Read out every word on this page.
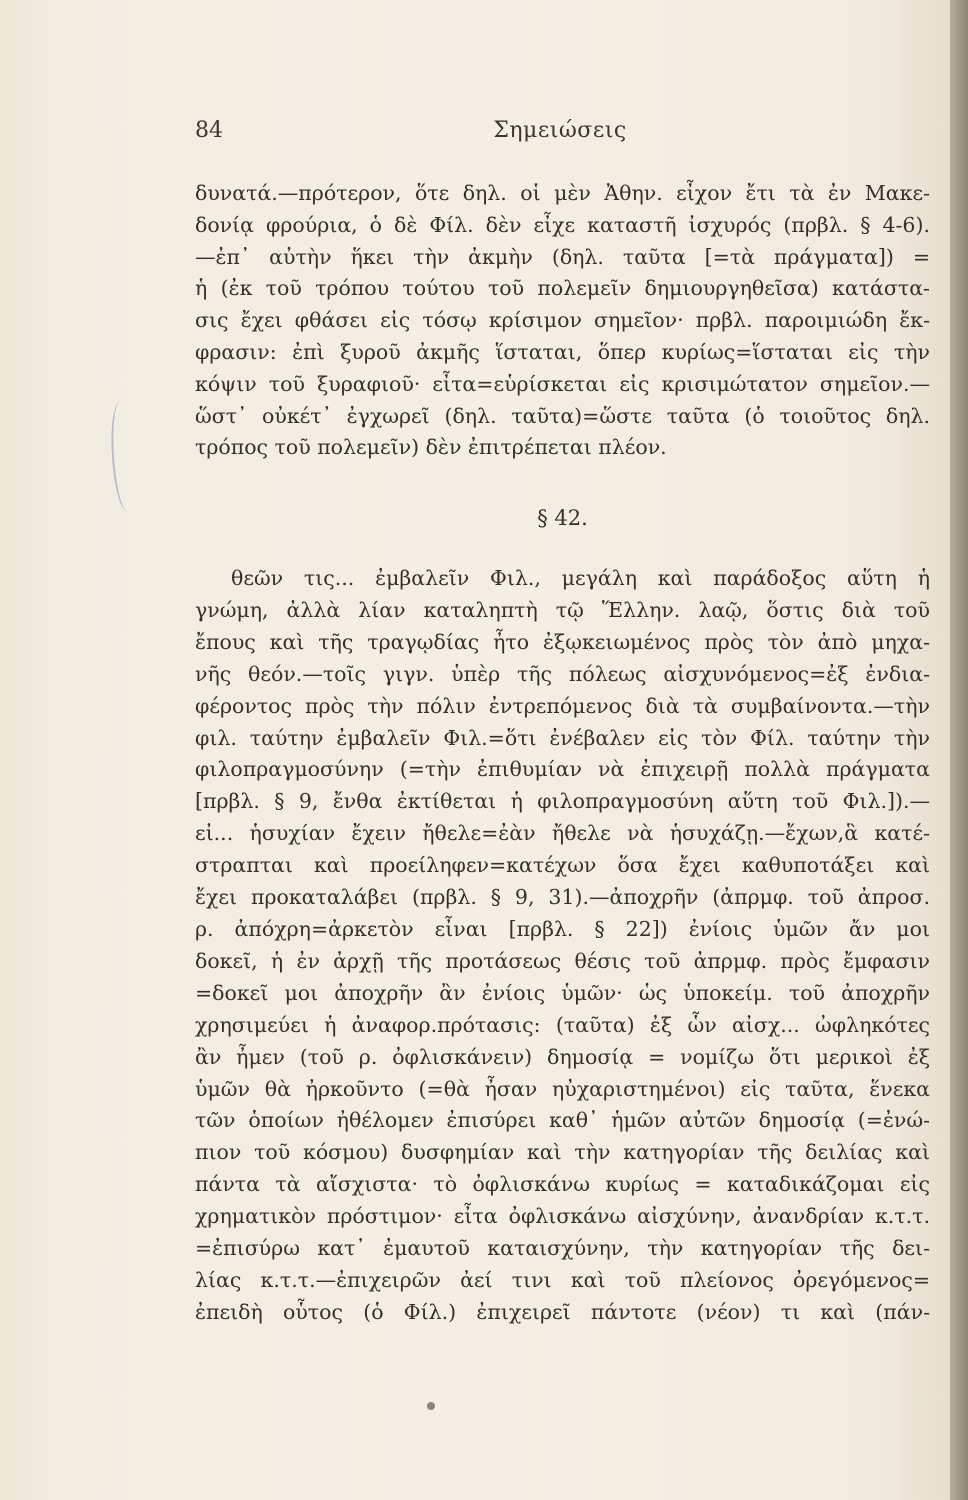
84	Σημειώσεις
δυνατά.—πρότερον, ὅτε δηλ. οἱ μὲν Ἀθην. εἶχον ἔτι τὰ ἐν Μακε-
δονίᾳ φρούρια, ὁ δὲ Φίλ. δὲν εἶχε καταστῆ ἰσχυρός (πρβλ. § 4-6).
—ἐπ᾽ αὐτὴν ἥκει τὴν ἀκμὴν (δηλ. ταῦτα [=τὰ πράγματα]) =
ἡ (ἐκ τοῦ τρόπου τούτου τοῦ πολεμεῖν δημιουργηθεῖσα) κατάστα-
σις ἔχει φθάσει εἰς τόσῳ κρίσιμον σημεῖον· πρβλ. παροιμιώδη ἔκ-
φρασιν: ἐπὶ ξυροῦ ἀκμῆς ἵσταται, ὅπερ κυρίως=ἵσταται εἰς τὴν
κόψιν τοῦ ξυραφιοῦ· εἶτα=εὑρίσκεται εἰς κρισιμώτατον σημεῖον.—
ὥστ᾽ οὐκέτ᾽ ἐγχωρεῖ (δηλ. ταῦτα)=ὥστε ταῦτα (ὁ τοιοῦτος δηλ.
τρόπος τοῦ πολεμεῖν) δὲν ἐπιτρέπεται πλέον.
§ 42.
θεῶν τις... ἐμβαλεῖν Φιλ., μεγάλη καὶ παράδοξος αὕτη ἡ
γνώμη, ἀλλὰ λίαν καταληπτὴ τῷ Ἕλλην. λαῷ, ὅστις διὰ τοῦ
ἔπους καὶ τῆς τραγῳδίας ἦτο ἐξῳκειωμένος πρὸς τὸν ἀπὸ μηχα-
νῆς θεόν.—τοῖς γιγν. ὑπὲρ τῆς πόλεως αἰσχυνόμενος=ἐξ ἐνδια-
φέροντος πρὸς τὴν πόλιν ἐντρεπόμενος διὰ τὰ συμβαίνοντα.—τὴν
φιλ. ταύτην ἐμβαλεῖν Φιλ.=ὅτι ἐνέβαλεν εἰς τὸν Φίλ. ταύτην τὴν
φιλοπραγμοσύνην (=τὴν ἐπιθυμίαν νὰ ἐπιχειρῇ πολλὰ πράγματα
[πρβλ. § 9, ἔνθα ἐκτίθεται ἡ φιλοπραγμοσύνη αὕτη τοῦ Φιλ.]).—
εἰ... ἡσυχίαν ἔχειν ἤθελε=ἐὰν ἤθελε νὰ ἡσυχάζῃ.—ἔχων,ἃ κατέ-
στραπται καὶ προείληφεν=κατέχων ὅσα ἔχει καθυποτάξει καὶ
ἔχει προκαταλάβει (πρβλ. § 9, 31).—ἀποχρῆν (ἀπρμφ. τοῦ ἀπροσ.
ρ. ἀπόχρη=ἀρκετὸν εἶναι [πρβλ. § 22]) ἐνίοις ὑμῶν ἄν μοι
δοκεῖ, ἡ ἐν ἀρχῇ τῆς προτάσεως θέσις τοῦ ἀπρμφ. πρὸς ἔμφασιν
=δοκεῖ μοι ἀποχρῆν ἂν ἐνίοις ὑμῶν· ὡς ὑποκείμ. τοῦ ἀποχρῆν
χρησιμεύει ἡ ἀναφορ.πρότασις: (ταῦτα) ἐξ ὧν αἰσχ... ὠφληκότες
ἂν ἦμεν (τοῦ ρ. ὀφλισκάνειν) δημοσίᾳ = νομίζω ὅτι μερικοὶ ἐξ
ὑμῶν θὰ ἠρκοῦντο (=θὰ ἦσαν ηὐχαριστημένοι) εἰς ταῦτα, ἕνεκα
τῶν ὁποίων ἠθέλομεν ἐπισύρει καθ᾽ ἡμῶν αὐτῶν δημοσίᾳ (=ἐνώ-
πιον τοῦ κόσμου) δυσφημίαν καὶ τὴν κατηγορίαν τῆς δειλίας καὶ
πάντα τὰ αἴσχιστα· τὸ ὀφλισκάνω κυρίως = καταδικάζομαι εἰς
χρηματικὸν πρόστιμον· εἶτα ὀφλισκάνω αἰσχύνην, ἀνανδρίαν κ.τ.τ.
=ἐπισύρω κατ᾽ ἐμαυτοῦ καταισχύνην, τὴν κατηγορίαν τῆς δει-
λίας κ.τ.τ.—ἐπιχειρῶν ἀεί τινι καὶ τοῦ πλείονος ὀρεγόμενος=
ἐπειδὴ οὗτος (ὁ Φίλ.) ἐπιχειρεῖ πάντοτε (νέον) τι καὶ (πάν-
